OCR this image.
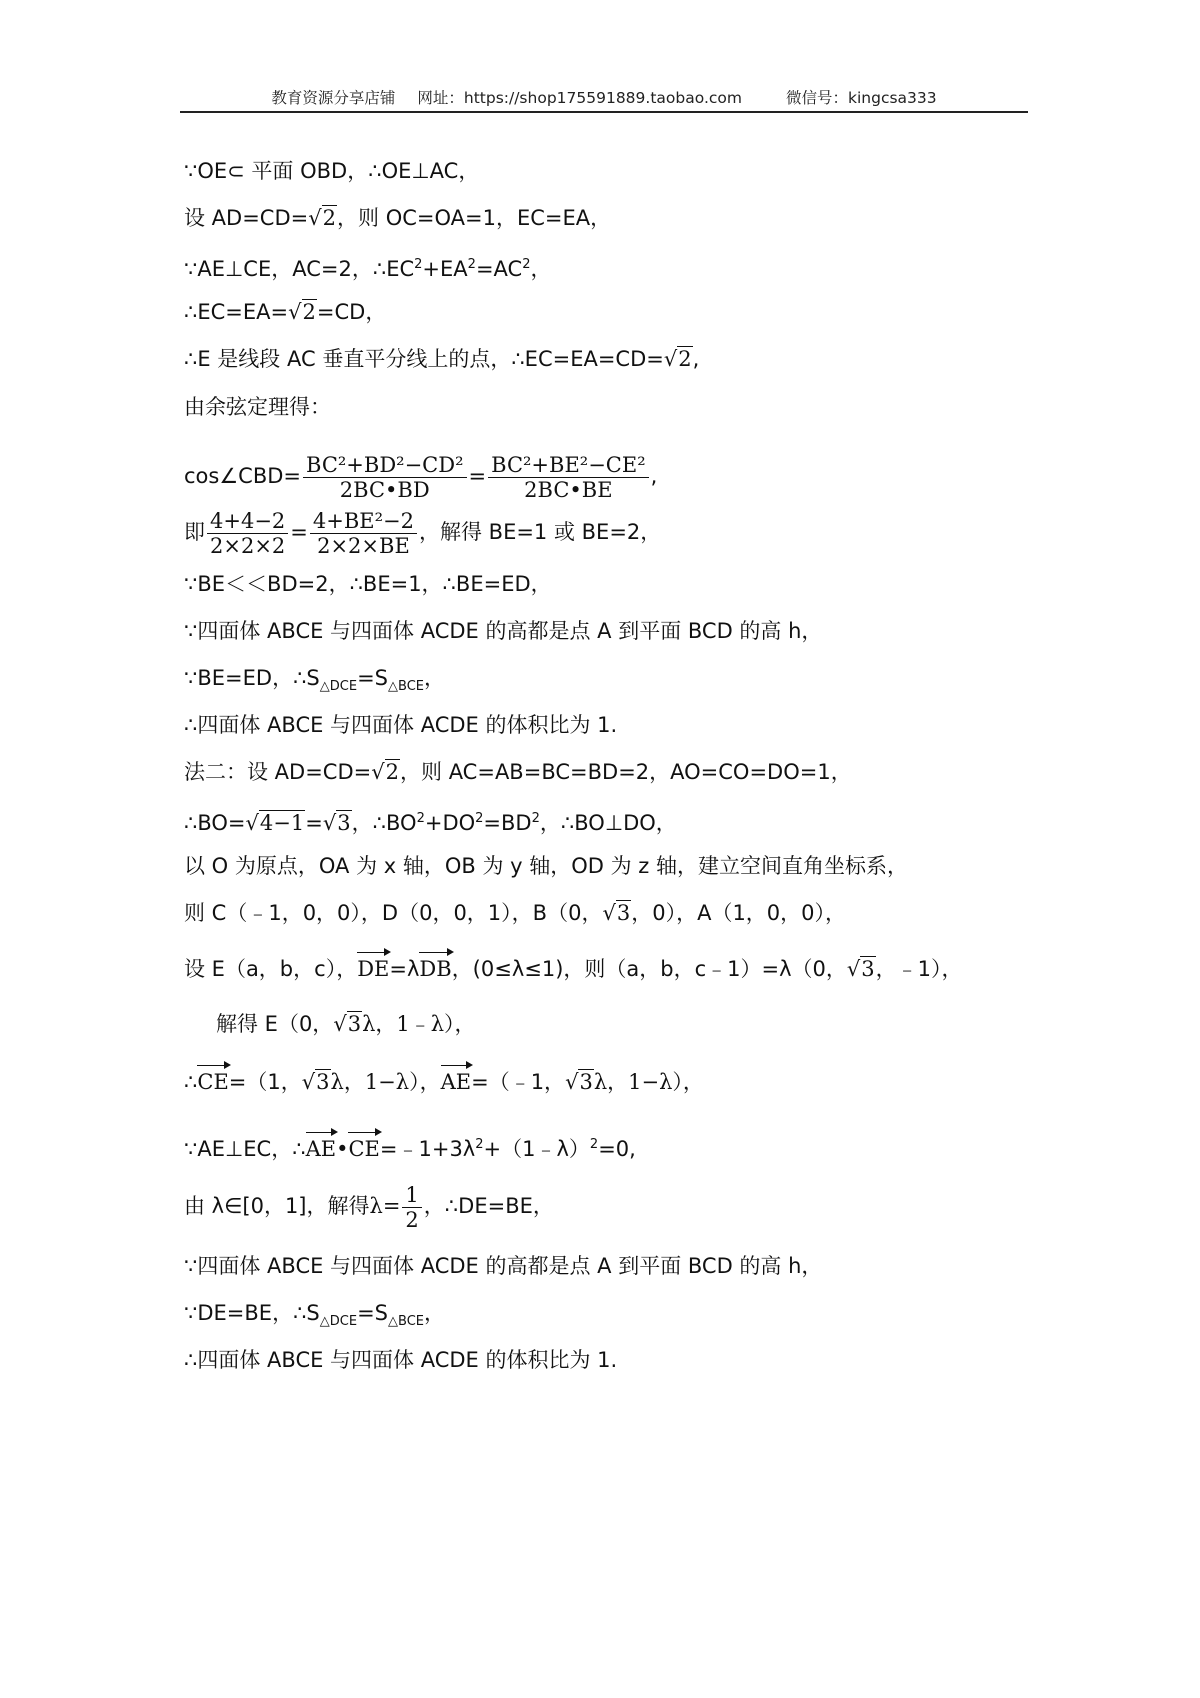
教育资源分享店铺 网址：https://shop175591889.taobao.com	微信号：kingcsa333
∵OE⊂ 平面 OBD，∴OE⊥AC，
设 AD=CD=√2，则 OC=OA=1，EC=EA，
∵AE⊥CE，AC=2，$\therefore EC^2+EA^2=AC^2$，
∴EC=EA=√2=CD，
∴E 是线段 AC 垂直平分线上的点，∴EC=EA=CD=√2,
由余弦定理得：
cos∠CBD= $\frac{\text{BC²+BD²−CD²}}{2BC•BD} = \frac{\text{BC²+BE²−CE²}}{2BC•BE}$ ,
即 $\frac{4+4-2}{2\times 2\times 2} = \frac{\text{4+BE²−2}}{2\times 2\times BE}$ ，解得 BE=1 或 BE=2，
∵BE＜＜BD=2，∴BE=1，∴BE=ED，
∵四面体 ABCE 与四面体 ACDE 的高都是点 A 到平面 BCD 的高 h，
∵BE=ED，$\therefore S_{\triangle DCE}=S_{\triangle BCE}$，
∴四面体 ABCE 与四面体 ACDE 的体积比为 1.
法二：设 AD=CD=√2，则 AC=AB=BC=BD=2，AO=CO=DO=1，
∴BO=√4−1=√3，$\therefore BO^2+DO^2=BD^2$，∴BO⊥DO，
以 O 为原点，OA 为 x 轴，OB 为 y 轴，OD 为 z 轴，建立空间直角坐标系，
则 C（﹣1，0，0），D（0，0，1），B（0，√3，0），A（1，0，0），
设 E（a，b，c），DE=λDB，(0≤λ≤1)，则（a，b，c﹣1）=λ（0，√3，﹣1），
解得 E（0，√3λ，1﹣λ），
∴CE=（1，√3λ，1−λ），AE=（﹣1，√3λ，1−λ），
∵AE⊥EC，$\therefore AE•CE=﹣1+3\lambda^2+(1﹣\lambda)^2=0$,
由 λ∈[0，1]，解得$\lambda= \frac{1}{2}$ ，∴DE=BE，
∵四面体 ABCE 与四面体 ACDE 的高都是点 A 到平面 BCD 的高 h，
∵DE=BE，$\therefore S_{\triangle DCE}=S_{\triangle BCE}$，
∴四面体 ABCE 与四面体 ACDE 的体积比为 1.
